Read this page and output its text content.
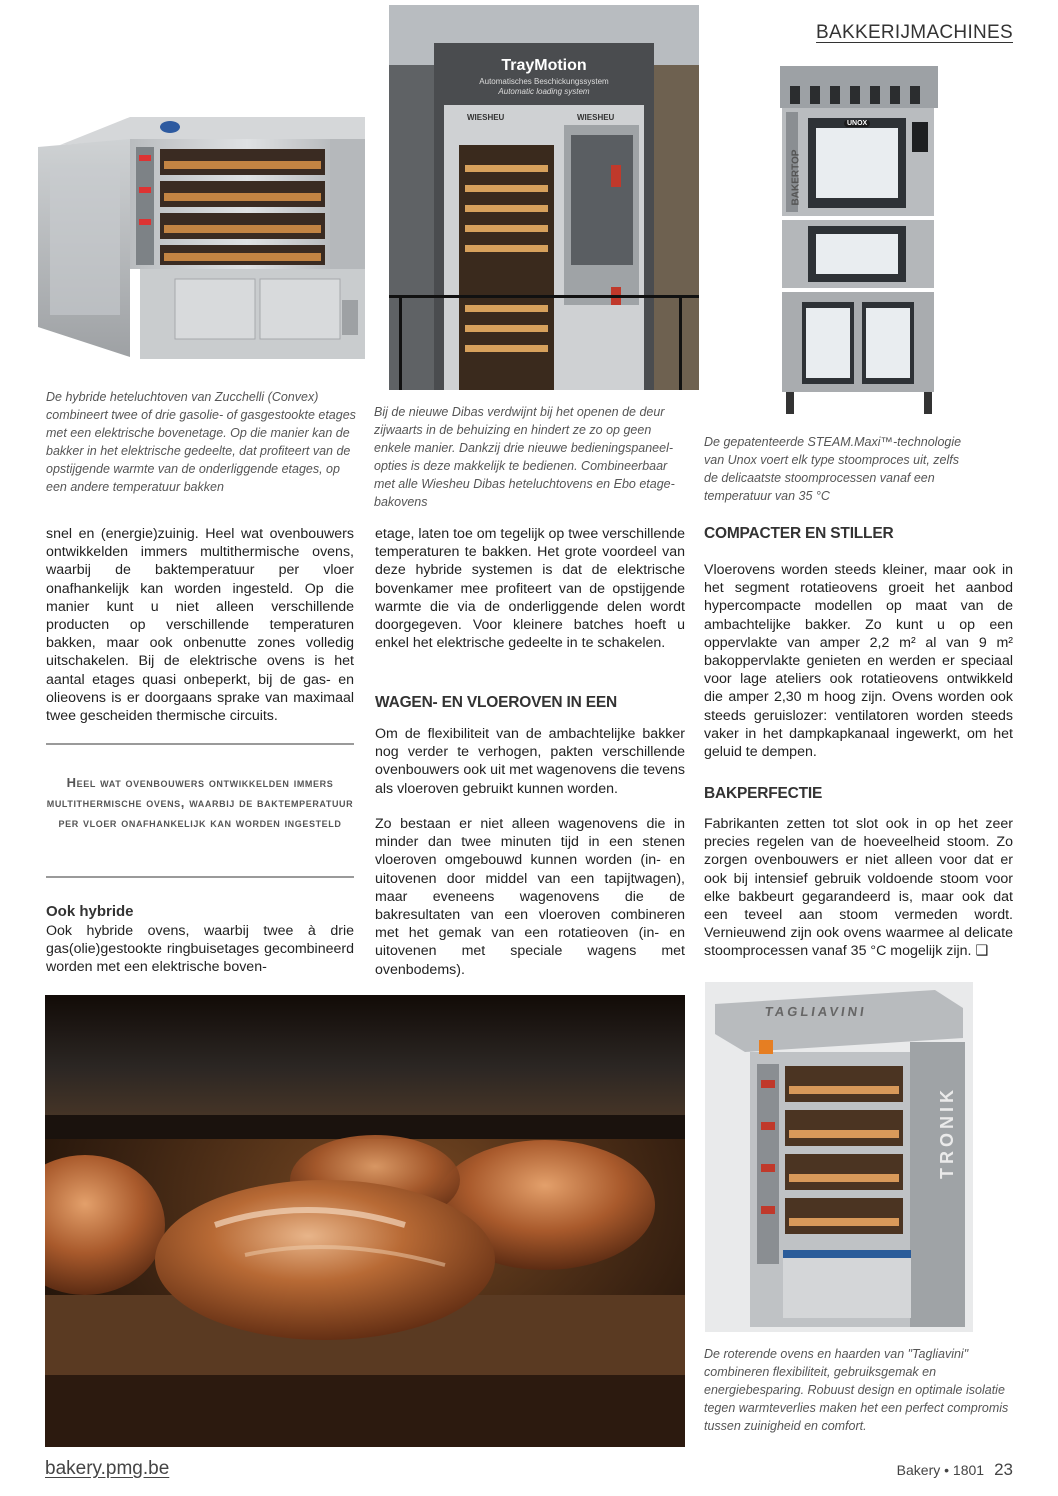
BAKKERIJMACHINES
De hybride heteluchtoven van Zucchelli (Convex) combineert twee of drie gasolie- of gasgestookte etages met een elektrische bovenetage. Op die manier kan de bakker in het elektrische gedeelte, dat profiteert van de opstijgende warmte van de onderliggende etages, op een andere temperatuur bakken
TrayMotion
Automatisches Beschickungssystem
Automatic loading system
WIESHEU	WIESHEU
Bij de nieuwe Dibas verdwijnt bij het openen de deur zijwaarts in de behuizing en hindert ze zo op geen enkele manier. Dankzij drie nieuwe bedieningspaneel-opties is deze makkelijk te bedienen. Combineerbaar met alle Wiesheu Dibas heteluchtovens en Ebo etage-bakovens
UNOX
BAKERTOP
De gepatenteerde STEAM.Maxi™-technologie van Unox voert elk type stoomproces uit, zelfs de delicaatste stoomprocessen vanaf een temperatuur van 35 °C

snel en (energie)zuinig. Heel wat ovenbouwers ontwikkelden immers multithermische ovens, waarbij de baktemperatuur per vloer onafhankelijk kan worden ingesteld. Op die manier kunt u niet alleen verschillende producten op verschillende temperaturen bakken, maar ook onbenutte zones volledig uitschakelen. Bij de elektrische ovens is het aantal etages quasi onbeperkt, bij de gas- en olieovens is er doorgaans sprake van maximaal twee gescheiden thermische circuits.

Heel wat ovenbouwers ontwikkelden immers multithermische ovens, waarbij de baktemperatuur per vloer onafhankelijk kan worden ingesteld
Ook hybride

Ook hybride ovens, waarbij twee à drie gas(olie)gestookte ringbuisetages gecombineerd worden met een elektrische boven-

etage, laten toe om tegelijk op twee verschillende temperaturen te bakken. Het grote voordeel van deze hybride systemen is dat de elektrische bovenkamer mee profiteert van de opstijgende warmte die via de onderliggende delen wordt doorgegeven. Voor kleinere batches hoeft u enkel het elektrische gedeelte in te schakelen.

WAGEN- EN VLOEROVEN IN EEN

Om de flexibiliteit van de ambachtelijke bakker nog verder te verhogen, pakten verschillende ovenbouwers ook uit met wagenovens die tevens als vloeroven gebruikt kunnen worden.

Zo bestaan er niet alleen wagenovens die in minder dan twee minuten tijd in een stenen vloeroven omgebouwd kunnen worden (in- en uitovenen door middel van een tapijtwagen), maar eveneens wagenovens die de bakresultaten van een vloeroven combineren met het gemak van een rotatieoven (in- en uitovenen met speciale wagens met ovenbodems).

COMPACTER EN STILLER

Vloerovens worden steeds kleiner, maar ook in het segment rotatieovens groeit het aanbod hypercompacte modellen op maat van de ambachtelijke bakker. Zo kunt u op een oppervlakte van amper 2,2 m² al van 9 m² bakoppervlakte genieten en werden er speciaal voor lage ateliers ook rotatieovens ontwikkeld die amper 2,30 m hoog zijn. Ovens worden ook steeds geruislozer: ventilatoren worden steeds vaker in het dampkapkanaal ingewerkt, om het geluid te dempen.

BAKPERFECTIE

Fabrikanten zetten tot slot ook in op het zeer precies regelen van de hoeveelheid stoom. Zo zorgen ovenbouwers er niet alleen voor dat er ook bij intensief gebruik voldoende stoom voor elke bakbeurt gegarandeerd is, maar ook dat een teveel aan stoom vermeden wordt. Vernieuwend zijn ook ovens waarmee al delicate stoomprocessen vanaf 35 °C mogelijk zijn. ❑

TAGLIAVINI
TRONIK
De roterende ovens en haarden van "Tagliavini" combineren flexibiliteit, gebruiksgemak en energiebesparing. Robuust design en optimale isolatie tegen warmteverlies maken het een perfect compromis tussen zuinigheid en comfort.
bakery.pmg.be	Bakery • 1801 23
